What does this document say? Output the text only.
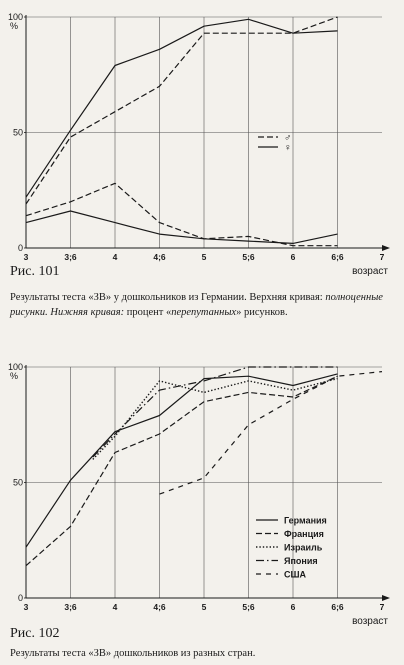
100
50
0
%
3	3;6	4	4;6	5	5;6	6	6;6	7
возраст
♂
♀
Рис. 101
Результаты теста «ЗВ» у дошкольников из Германии. Верхняя кривая: полноценные рисунки. Нижняя кривая: процент «перепутанных» рисунков.
100
50
0
%
3	3;6	4	4;6	5	5;6	6	6;6	7
возраст
Германия
Франция
Израиль
Япония
США
Рис. 102
Результаты теста «ЗВ» дошкольников из разных стран.
